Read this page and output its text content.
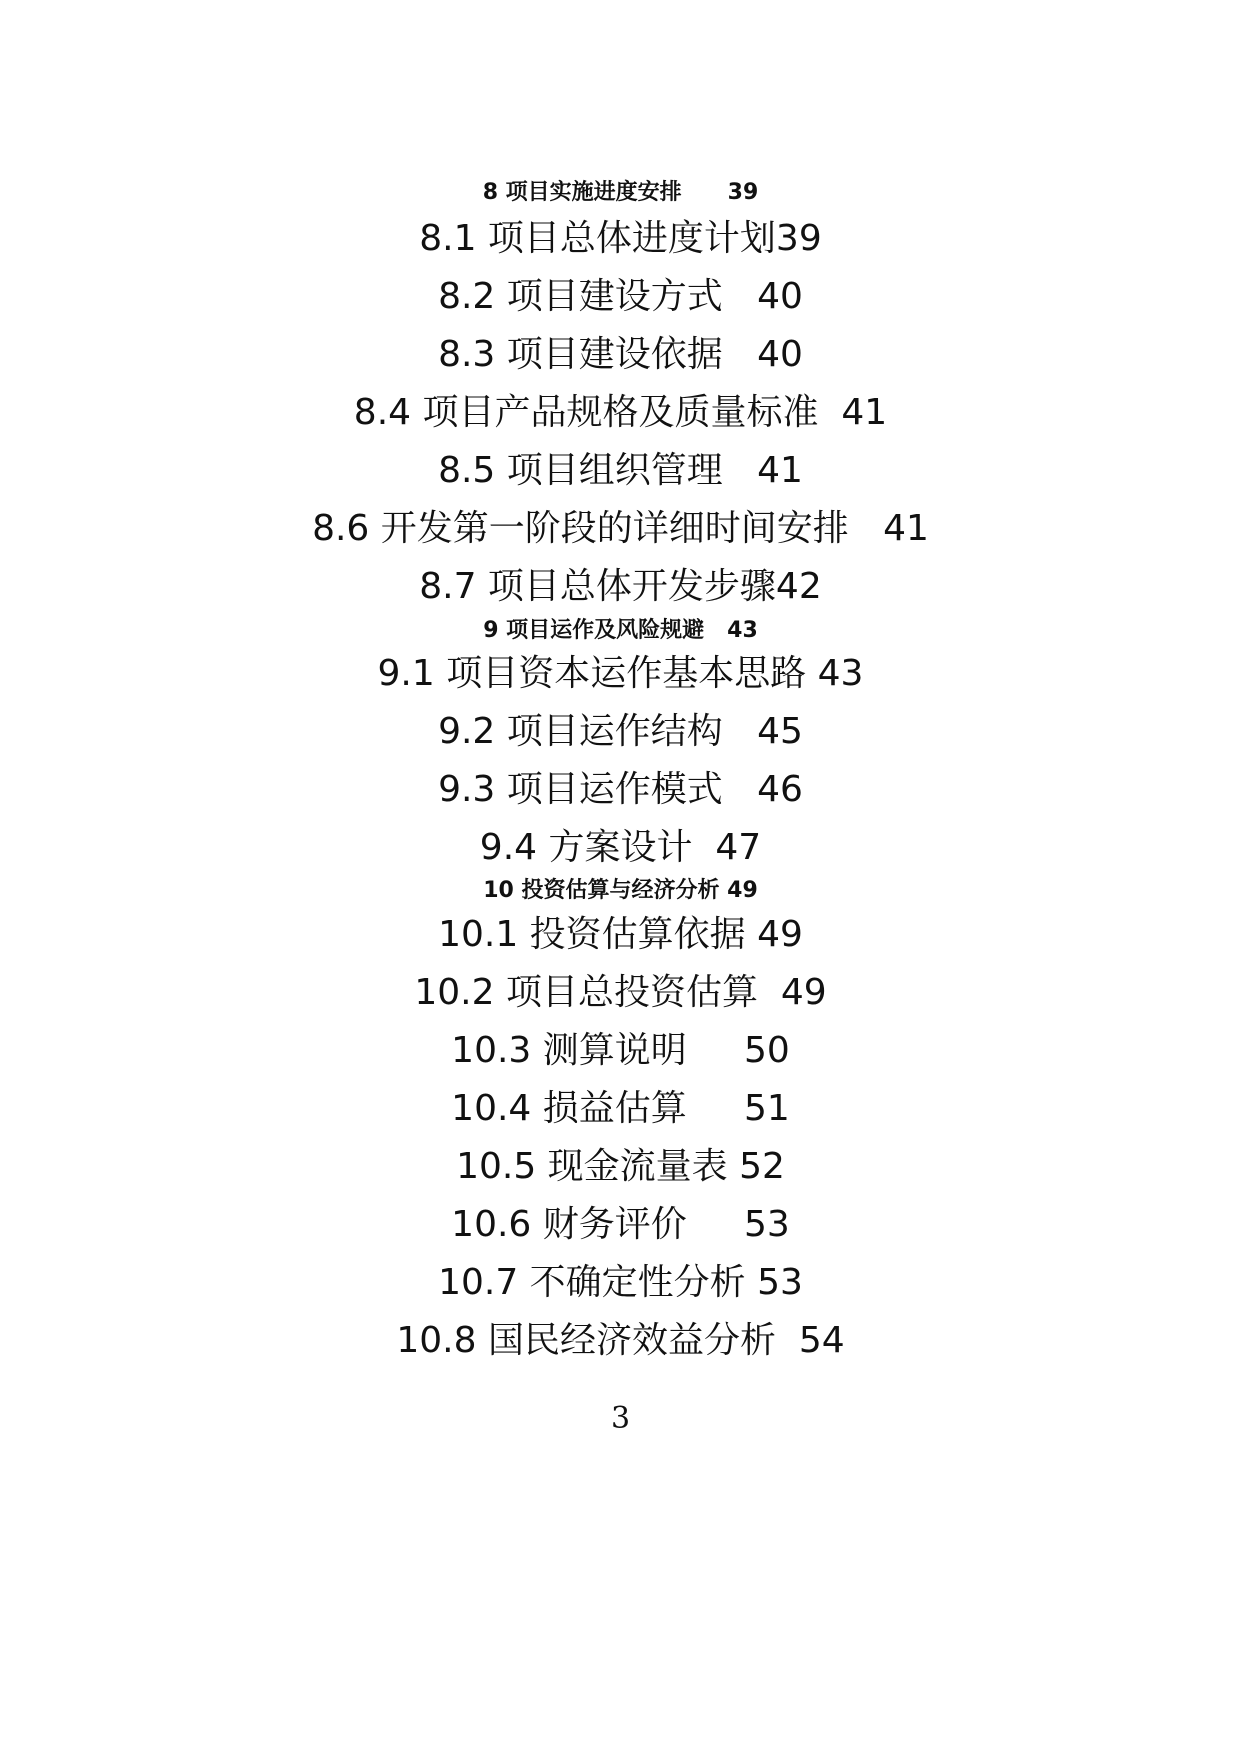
8 项目实施进度安排      39
8.1 项目总体进度计划39
8.2 项目建设方式   40
8.3 项目建设依据   40
8.4 项目产品规格及质量标准  41
8.5 项目组织管理   41
8.6 开发第一阶段的详细时间安排   41
8.7 项目总体开发步骤42
9 项目运作及风险规避   43
9.1 项目资本运作基本思路 43
9.2 项目运作结构   45
9.3 项目运作模式   46
9.4 方案设计  47
10 投资估算与经济分析 49
10.1 投资估算依据 49
10.2 项目总投资估算  49
10.3 测算说明     50
10.4 损益估算     51
10.5 现金流量表 52
10.6 财务评价     53
10.7 不确定性分析 53
10.8 国民经济效益分析  54
3
